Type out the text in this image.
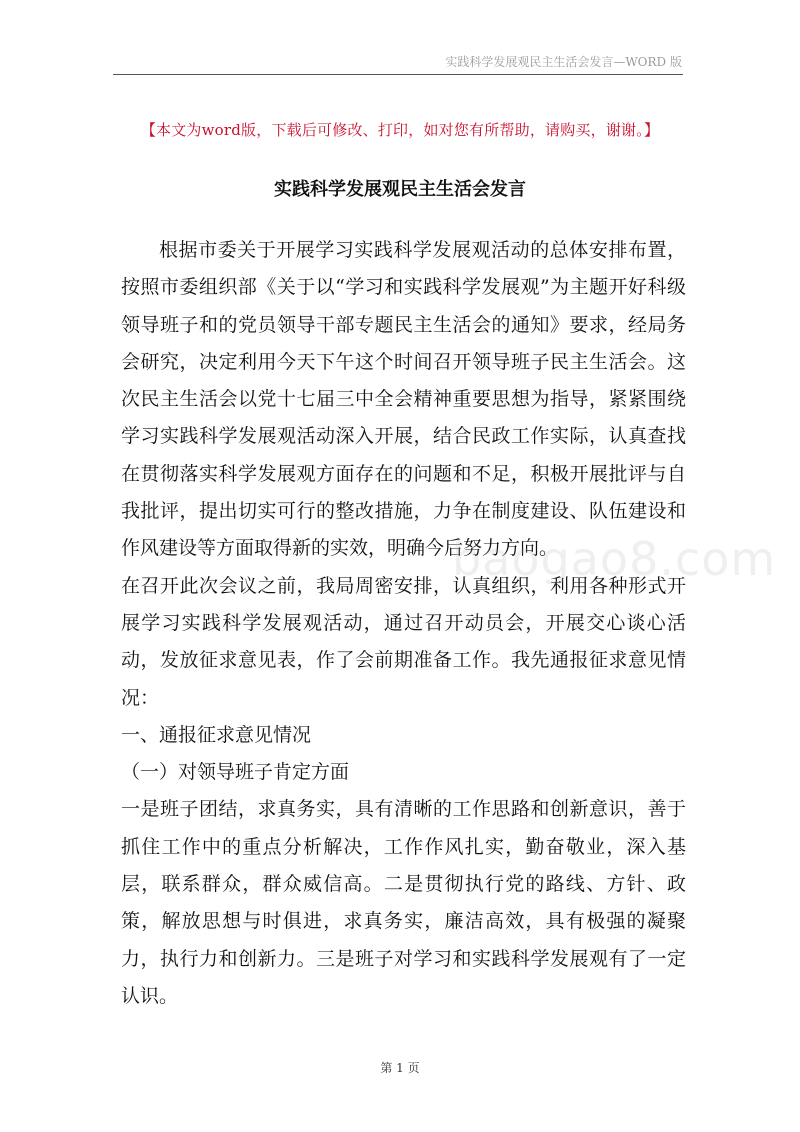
实践科学发展观民主生活会发言—WORD 版
【本文为word版，下载后可修改、打印，如对您有所帮助，请购买，谢谢。】
实践科学发展观民主生活会发言

根据市委关于开展学习实践科学发展观活动的总体安排布置，按照市委组织部《关于以“学习和实践科学发展观”为主题开好科级领导班子和的党员领导干部专题民主生活会的通知》要求，经局务会研究，决定利用今天下午这个时间召开领导班子民主生活会。这次民主生活会以党十七届三中全会精神重要思想为指导，紧紧围绕学习实践科学发展观活动深入开展，结合民政工作实际，认真查找在贯彻落实科学发展观方面存在的问题和不足，积极开展批评与自我批评，提出切实可行的整改措施，力争在制度建设、队伍建设和作风建设等方面取得新的实效，明确今后努力方向。

在召开此次会议之前，我局周密安排，认真组织，利用各种形式开展学习实践科学发展观活动，通过召开动员会，开展交心谈心活动，发放征求意见表，作了会前期准备工作。我先通报征求意见情况：

一、通报征求意见情况

（一）对领导班子肯定方面

一是班子团结，求真务实，具有清晰的工作思路和创新意识，善于抓住工作中的重点分析解决，工作作风扎实，勤奋敬业，深入基层，联系群众，群众威信高。二是贯彻执行党的路线、方针、政策，解放思想与时俱进，求真务实，廉洁高效，具有极强的凝聚力，执行力和创新力。三是班子对学习和实践科学发展观有了一定认识。

baogao8.com
第 1 页
